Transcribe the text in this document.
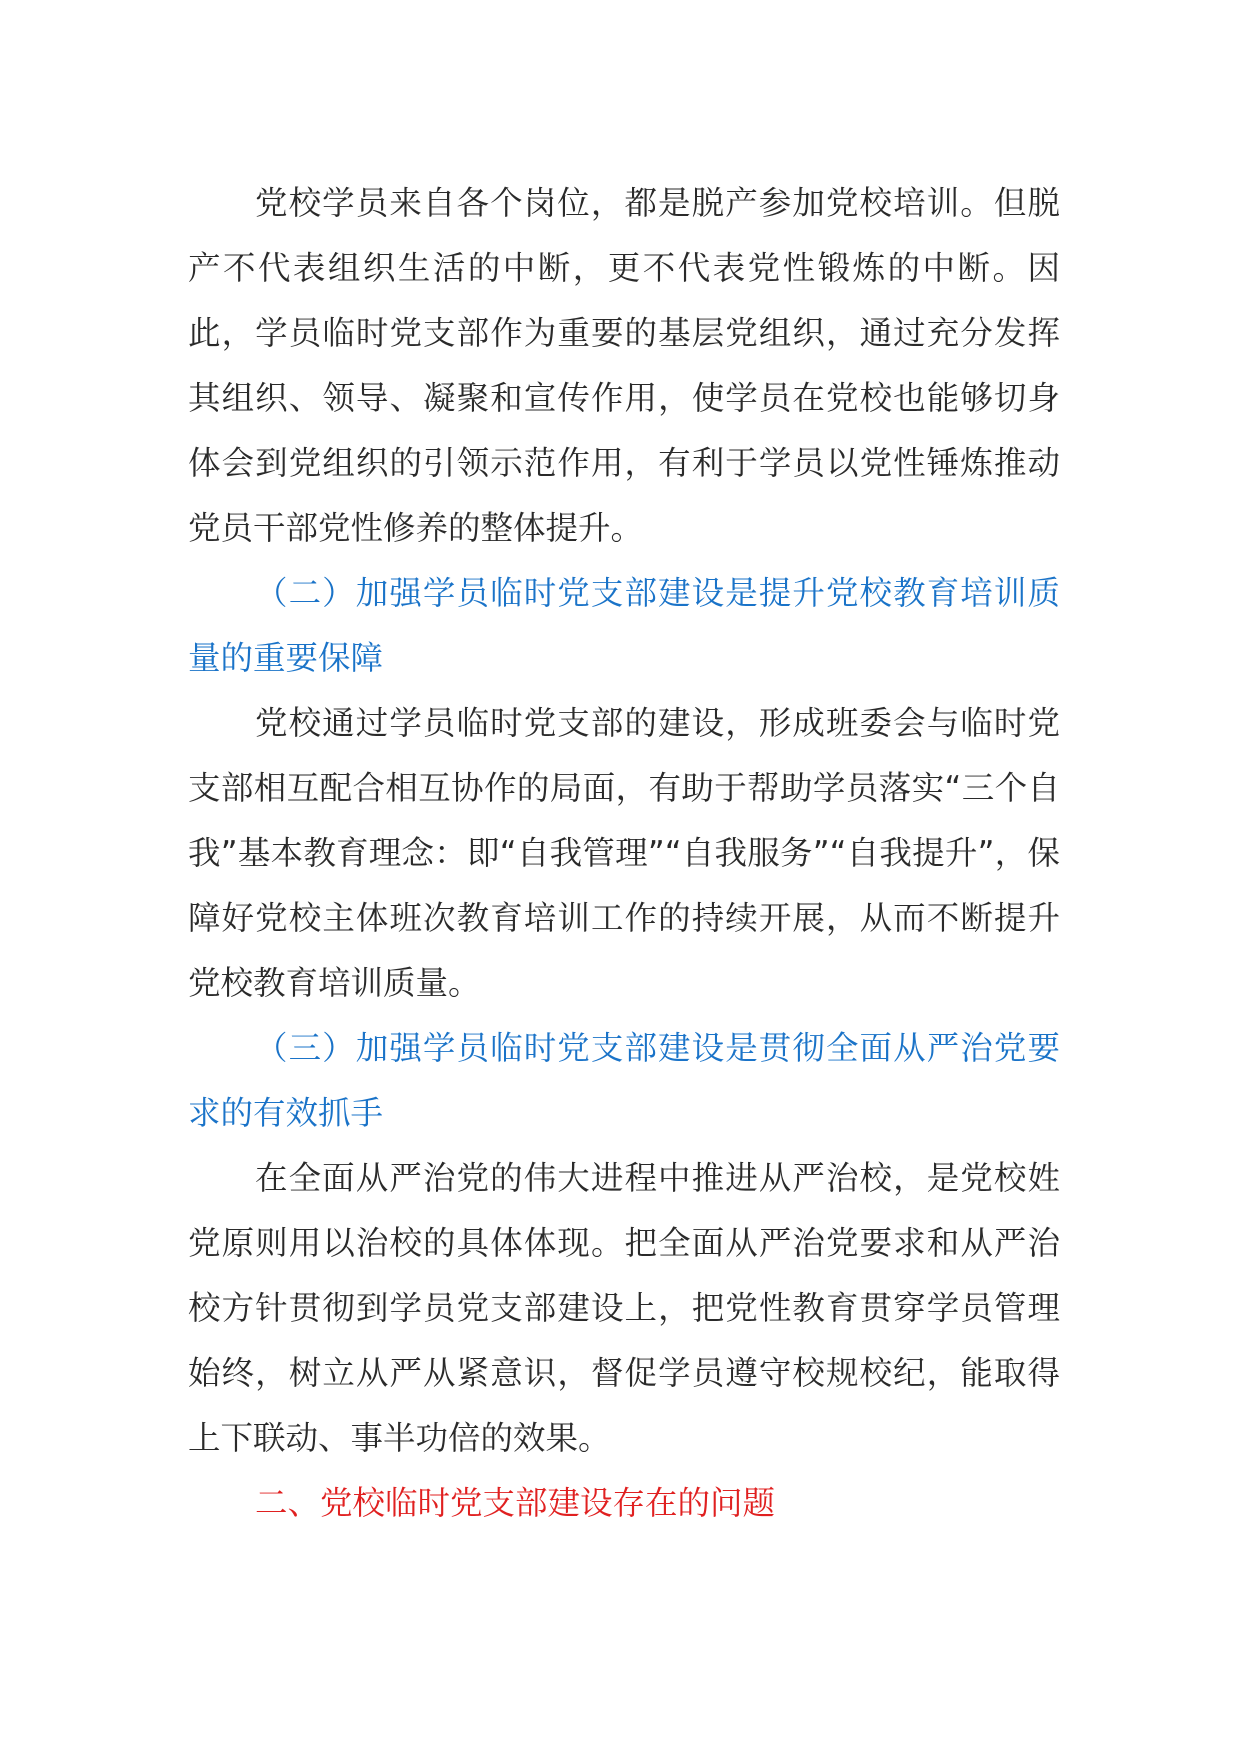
党校学员来自各个岗位，都是脱产参加党校培训。但脱产不代表组织生活的中断，更不代表党性锻炼的中断。因此，学员临时党支部作为重要的基层党组织，通过充分发挥其组织、领导、凝聚和宣传作用，使学员在党校也能够切身体会到党组织的引领示范作用，有利于学员以党性锤炼推动党员干部党性修养的整体提升。

（二）加强学员临时党支部建设是提升党校教育培训质量的重要保障

党校通过学员临时党支部的建设，形成班委会与临时党支部相互配合相互协作的局面，有助于帮助学员落实“三个自我”基本教育理念：即“自我管理”“自我服务”“自我提升”，保障好党校主体班次教育培训工作的持续开展，从而不断提升党校教育培训质量。

（三）加强学员临时党支部建设是贯彻全面从严治党要求的有效抓手

在全面从严治党的伟大进程中推进从严治校，是党校姓党原则用以治校的具体体现。把全面从严治党要求和从严治校方针贯彻到学员党支部建设上，把党性教育贯穿学员管理始终，树立从严从紧意识，督促学员遵守校规校纪，能取得上下联动、事半功倍的效果。

二、党校临时党支部建设存在的问题
